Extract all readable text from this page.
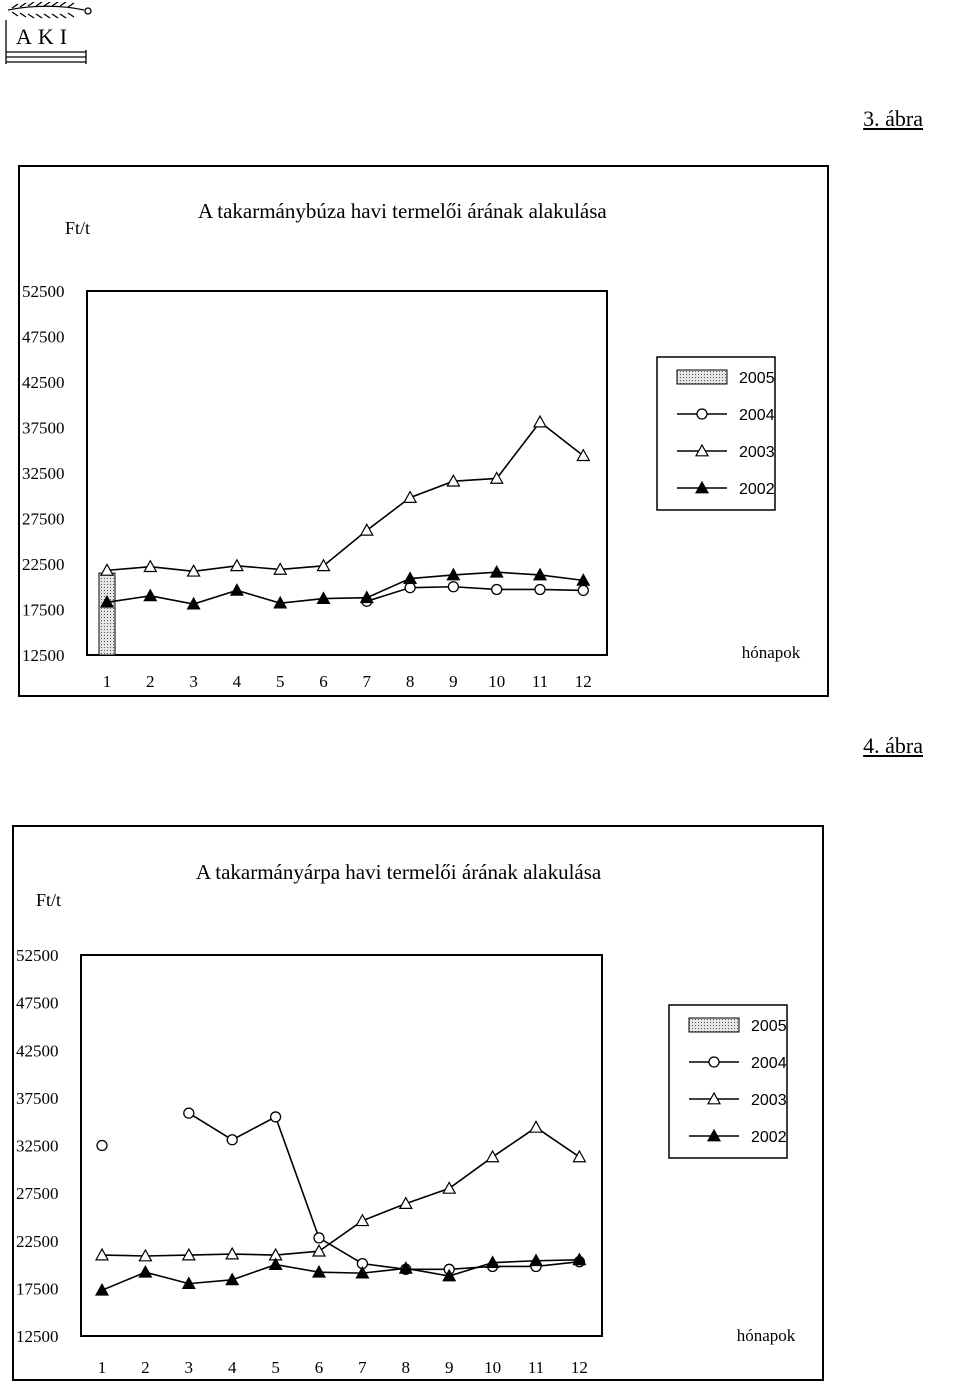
AKI
3. ábra
4. ábra
A takarmánybúza havi termelői árának alakulása
Ft/t
52500
47500
42500
37500
32500
27500
22500
17500
12500
1 2 3 4 5 6 7 8 9 10 11 12
hónapok
2005
2004
2003
2002
A takarmányárpa havi termelői árának alakulása
Ft/t
52500
47500
42500
37500
32500
27500
22500
17500
12500
1 2 3 4 5 6 7 8 9 10 11 12
hónapok
2005
2004
2003
2002
